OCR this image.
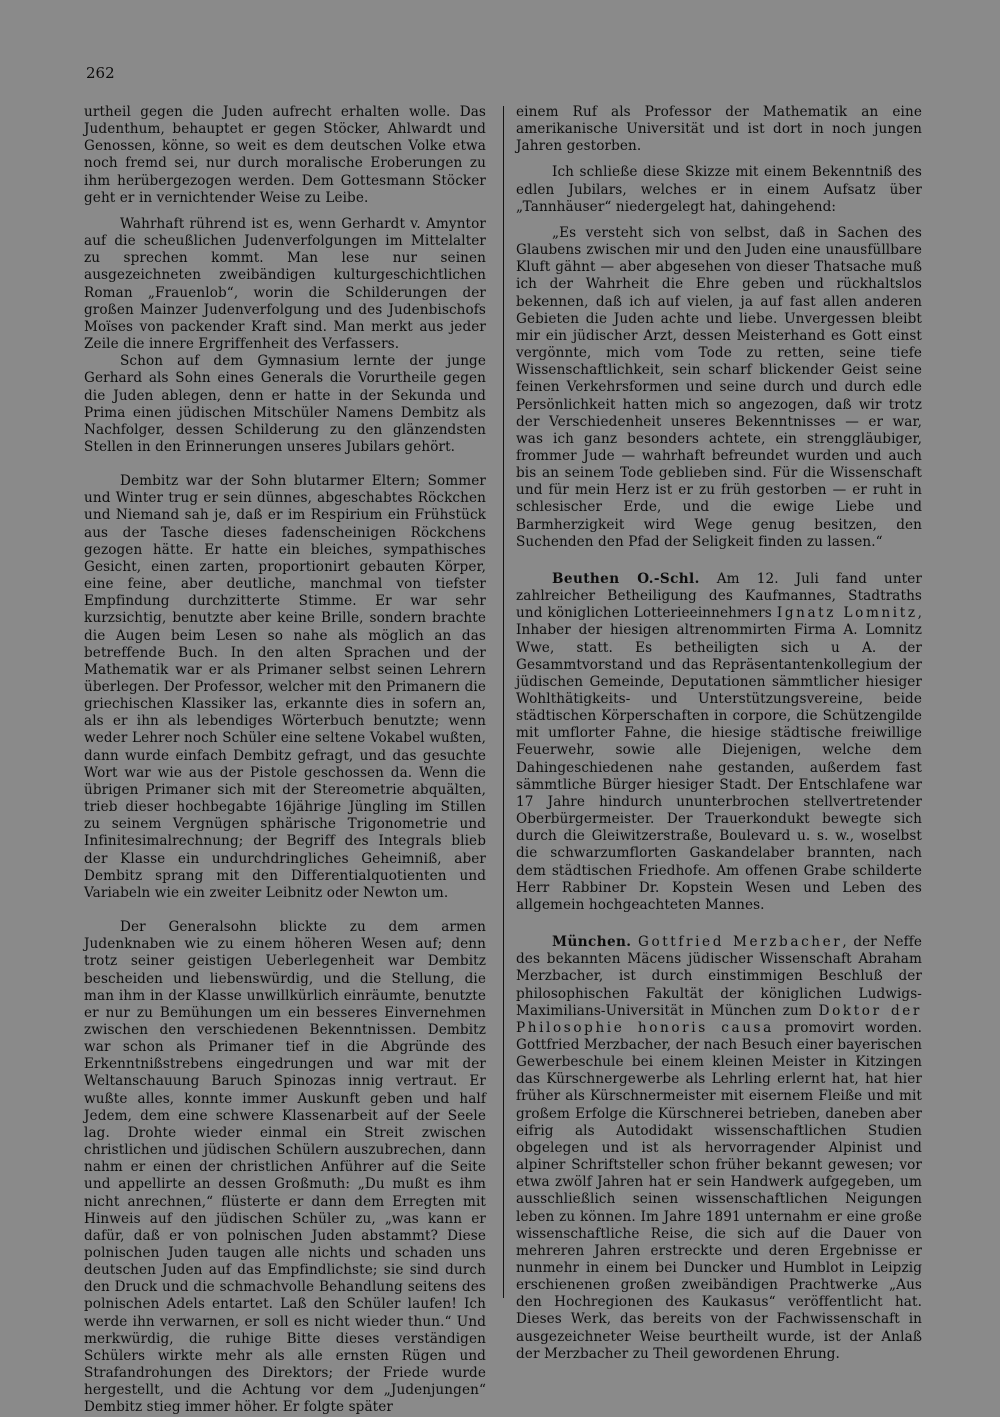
262

urtheil gegen die Juden aufrecht erhalten wolle. Das Judenthum, behauptet er gegen Stöcker, Ahlwardt und Genossen, könne, so weit es dem deutschen Volke etwa noch fremd sei, nur durch moralische Eroberungen zu ihm herübergezogen werden. Dem Gottesmann Stöcker geht er in vernichtender Weise zu Leibe.

Wahrhaft rührend ist es, wenn Gerhardt v. Amyntor auf die scheußlichen Judenverfolgungen im Mittelalter zu sprechen kommt. Man lese nur seinen ausgezeichneten zweibändigen kulturgeschichtlichen Roman „Frauenlob“, worin die Schilderungen der großen Mainzer Judenverfolgung und des Judenbischofs Moïses von packender Kraft sind. Man merkt aus jeder Zeile die innere Ergriffenheit des Verfassers.

Schon auf dem Gymnasium lernte der junge Gerhard als Sohn eines Generals die Vorurtheile gegen die Juden ablegen, denn er hatte in der Sekunda und Prima einen jüdischen Mitschüler Namens Dembitz als Nachfolger, dessen Schilderung zu den glänzendsten Stellen in den Erinnerungen unseres Jubilars gehört.

Dembitz war der Sohn blutarmer Eltern; Sommer und Winter trug er sein dünnes, abgeschabtes Röckchen und Niemand sah je, daß er im Respirium ein Frühstück aus der Tasche dieses fadenscheinigen Röckchens gezogen hätte. Er hatte ein bleiches, sympathisches Gesicht, einen zarten, proportionirt gebauten Körper, eine feine, aber deutliche, manchmal von tiefster Empfindung durchzitterte Stimme. Er war sehr kurzsichtig, benutzte aber keine Brille, sondern brachte die Augen beim Lesen so nahe als möglich an das betreffende Buch. In den alten Sprachen und der Mathematik war er als Primaner selbst seinen Lehrern überlegen. Der Professor, welcher mit den Primanern die griechischen Klassiker las, erkannte dies in sofern an, als er ihn als lebendiges Wörterbuch benutzte; wenn weder Lehrer noch Schüler eine seltene Vokabel wußten, dann wurde einfach Dembitz gefragt, und das gesuchte Wort war wie aus der Pistole geschossen da. Wenn die übrigen Primaner sich mit der Stereometrie abquälten, trieb dieser hochbegabte 16jährige Jüngling im Stillen zu seinem Vergnügen sphärische Trigonometrie und Infinitesimalrechnung; der Begriff des Integrals blieb der Klasse ein undurchdringliches Geheimniß, aber Dembitz sprang mit den Differentialquotienten und Variabeln wie ein zweiter Leibnitz oder Newton um.

Der Generalsohn blickte zu dem armen Judenknaben wie zu einem höheren Wesen auf; denn trotz seiner geistigen Ueberlegenheit war Dembitz bescheiden und liebenswürdig, und die Stellung, die man ihm in der Klasse unwillkürlich einräumte, benutzte er nur zu Bemühungen um ein besseres Einvernehmen zwischen den verschiedenen Bekenntnissen. Dembitz war schon als Primaner tief in die Abgründe des Erkenntnißstrebens eingedrungen und war mit der Weltanschauung Baruch Spinozas innig vertraut. Er wußte alles, konnte immer Auskunft geben und half Jedem, dem eine schwere Klassenarbeit auf der Seele lag. Drohte wieder einmal ein Streit zwischen christlichen und jüdischen Schülern auszubrechen, dann nahm er einen der christlichen Anführer auf die Seite und appellirte an dessen Großmuth: „Du mußt es ihm nicht anrechnen,“ flüsterte er dann dem Erregten mit Hinweis auf den jüdischen Schüler zu, „was kann er dafür, daß er von polnischen Juden abstammt? Diese polnischen Juden taugen alle nichts und schaden uns deutschen Juden auf das Empfindlichste; sie sind durch den Druck und die schmachvolle Behandlung seitens des polnischen Adels entartet. Laß den Schüler laufen! Ich werde ihn verwarnen, er soll es nicht wieder thun.“ Und merkwürdig, die ruhige Bitte dieses verständigen Schülers wirkte mehr als alle ernsten Rügen und Strafandrohungen des Direktors; der Friede wurde hergestellt, und die Achtung vor dem „Judenjungen“ Dembitz stieg immer höher. Er folgte später

einem Ruf als Professor der Mathematik an eine amerikanische Universität und ist dort in noch jungen Jahren gestorben.

Ich schließe diese Skizze mit einem Bekenntniß des edlen Jubilars, welches er in einem Aufsatz über „Tannhäuser“ niedergelegt hat, dahingehend:

„Es versteht sich von selbst, daß in Sachen des Glaubens zwischen mir und den Juden eine unausfüllbare Kluft gähnt — aber abgesehen von dieser Thatsache muß ich der Wahrheit die Ehre geben und rückhaltslos bekennen, daß ich auf vielen, ja auf fast allen anderen Gebieten die Juden achte und liebe. Unvergessen bleibt mir ein jüdischer Arzt, dessen Meisterhand es Gott einst vergönnte, mich vom Tode zu retten, seine tiefe Wissenschaftlichkeit, sein scharf blickender Geist seine feinen Verkehrsformen und seine durch und durch edle Persönlichkeit hatten mich so angezogen, daß wir trotz der Verschiedenheit unseres Bekenntnisses — er war, was ich ganz besonders achtete, ein strenggläubiger, frommer Jude — wahrhaft befreundet wurden und auch bis an seinem Tode geblieben sind. Für die Wissenschaft und für mein Herz ist er zu früh gestorben — er ruht in schlesischer Erde, und die ewige Liebe und Barmherzigkeit wird Wege genug besitzen, den Suchenden den Pfad der Seligkeit finden zu lassen.“

Beuthen O.-Schl. Am 12. Juli fand unter zahlreicher Betheiligung des Kaufmannes, Stadtraths und königlichen Lotterieeinnehmers Ignatz Lomnitz, Inhaber der hiesigen altrenommirten Firma A. Lomnitz Wwe, statt. Es betheiligten sich u A. der Gesammtvorstand und das Repräsentantenkollegium der jüdischen Gemeinde, Deputationen sämmtlicher hiesiger Wohlthätigkeits- und Unterstützungsvereine, beide städtischen Körperschaften in corpore, die Schützengilde mit umflorter Fahne, die hiesige städtische freiwillige Feuerwehr, sowie alle Diejenigen, welche dem Dahingeschiedenen nahe gestanden, außerdem fast sämmtliche Bürger hiesiger Stadt. Der Entschlafene war 17 Jahre hindurch ununterbrochen stellvertretender Oberbürgermeister. Der Trauerkondukt bewegte sich durch die Gleiwitzerstraße, Boulevard u. s. w., woselbst die schwarzumflorten Gaskandelaber brannten, nach dem städtischen Friedhofe. Am offenen Grabe schilderte Herr Rabbiner Dr. Kopstein Wesen und Leben des allgemein hochgeachteten Mannes.

München. Gottfried Merzbacher, der Neffe des bekannten Mäcens jüdischer Wissenschaft Abraham Merzbacher, ist durch einstimmigen Beschluß der philosophischen Fakultät der königlichen Ludwigs-Maximilians-Universität in München zum Doktor der Philosophie honoris causa promovirt worden. Gottfried Merzbacher, der nach Besuch einer bayerischen Gewerbeschule bei einem kleinen Meister in Kitzingen das Kürschnergewerbe als Lehrling erlernt hat, hat hier früher als Kürschnermeister mit eisernem Fleiße und mit großem Erfolge die Kürschnerei betrieben, daneben aber eifrig als Autodidakt wissenschaftlichen Studien obgelegen und ist als hervorragender Alpinist und alpiner Schriftsteller schon früher bekannt gewesen; vor etwa zwölf Jahren hat er sein Handwerk aufgegeben, um ausschließlich seinen wissenschaftlichen Neigungen leben zu können. Im Jahre 1891 unternahm er eine große wissenschaftliche Reise, die sich auf die Dauer von mehreren Jahren erstreckte und deren Ergebnisse er nunmehr in einem bei Duncker und Humblot in Leipzig erschienenen großen zweibändigen Prachtwerke „Aus den Hochregionen des Kaukasus“ veröffentlicht hat. Dieses Werk, das bereits von der Fachwissenschaft in ausgezeichneter Weise beurtheilt wurde, ist der Anlaß der Merzbacher zu Theil gewordenen Ehrung.
